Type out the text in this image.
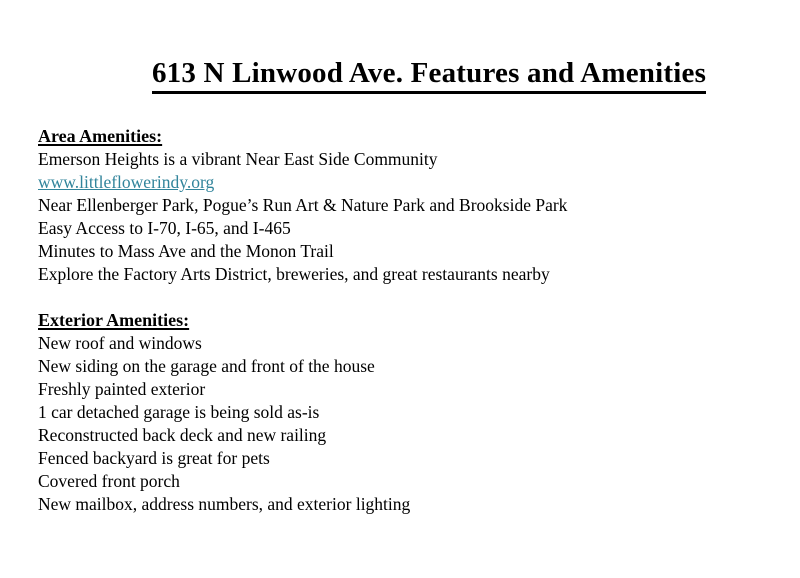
613 N Linwood Ave. Features and Amenities
Area Amenities:
Emerson Heights is a vibrant Near East Side Community
www.littleflowerindy.org
Near Ellenberger Park, Pogue’s Run Art & Nature Park and Brookside Park
Easy Access to I-70, I-65, and I-465
Minutes to Mass Ave and the Monon Trail
Explore the Factory Arts District, breweries, and great restaurants nearby
Exterior Amenities:
New roof and windows
New siding on the garage and front of the house
Freshly painted exterior
1 car detached garage is being sold as-is
Reconstructed back deck and new railing
Fenced backyard is great for pets
Covered front porch
New mailbox, address numbers, and exterior lighting
